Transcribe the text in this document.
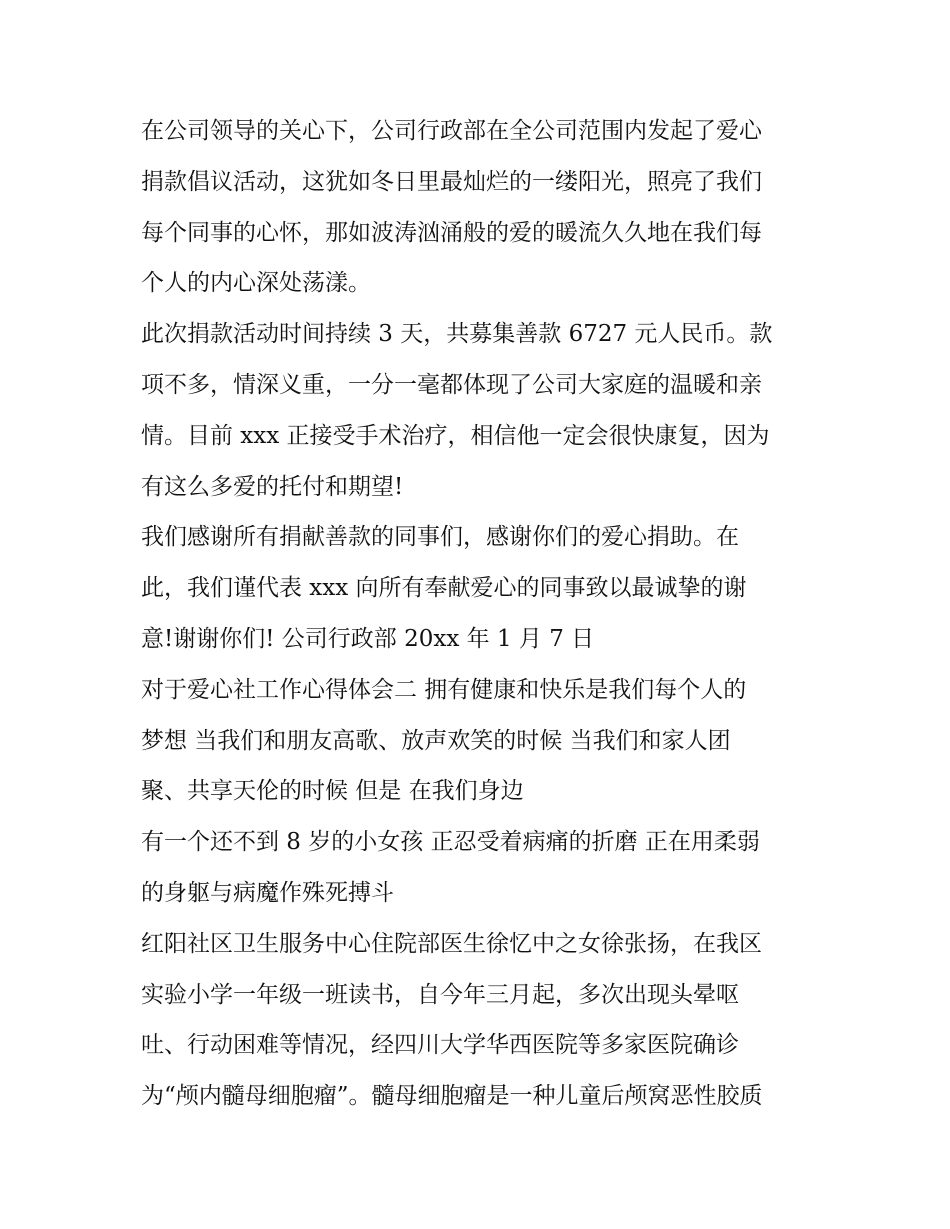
在公司领导的关心下，公司行政部在全公司范围内发起了爱心
捐款倡议活动，这犹如冬日里最灿烂的一缕阳光，照亮了我们
每个同事的心怀，那如波涛汹涌般的爱的暖流久久地在我们每
个人的内心深处荡漾。
此次捐款活动时间持续 3 天，共募集善款 6727 元人民币。款
项不多，情深义重，一分一毫都体现了公司大家庭的温暖和亲
情。目前 xxx 正接受手术治疗，相信他一定会很快康复，因为
有这么多爱的托付和期望!
我们感谢所有捐献善款的同事们，感谢你们的爱心捐助。在
此，我们谨代表 xxx 向所有奉献爱心的同事致以最诚挚的谢
意!谢谢你们! 公司行政部 20xx 年 1 月 7 日
对于爱心社工作心得体会二 拥有健康和快乐是我们每个人的
梦想 当我们和朋友高歌、放声欢笑的时候 当我们和家人团
聚、共享天伦的时候 但是 在我们身边
有一个还不到 8 岁的小女孩 正忍受着病痛的折磨 正在用柔弱
的身躯与病魔作殊死搏斗
红阳社区卫生服务中心住院部医生徐忆中之女徐张扬，在我区
实验小学一年级一班读书，自今年三月起，多次出现头晕呕
吐、行动困难等情况，经四川大学华西医院等多家医院确诊
为“颅内髓母细胞瘤”。髓母细胞瘤是一种儿童后颅窝恶性胶质
